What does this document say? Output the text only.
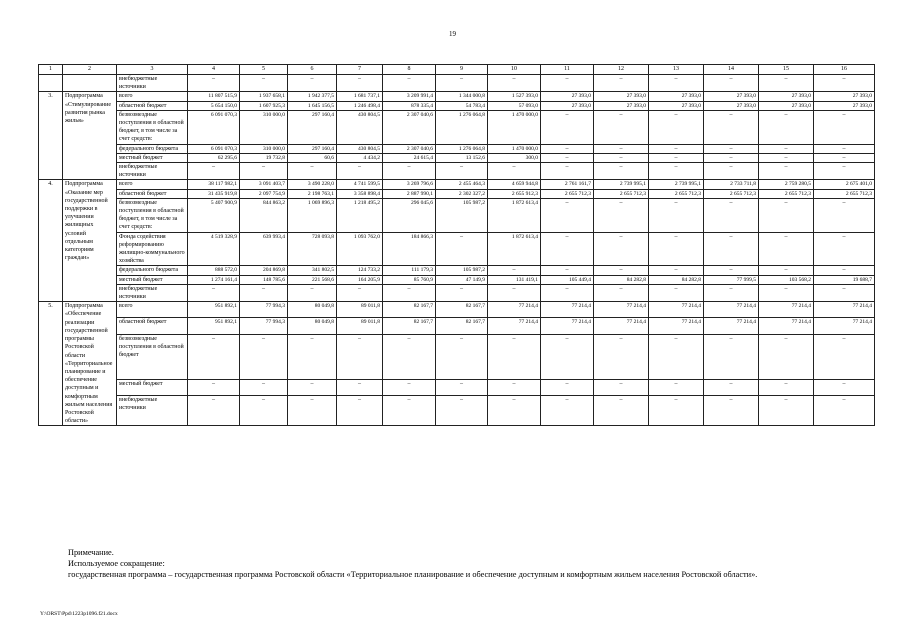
19
1	2	3	4	5	6	7	8	9	10	11	12	13	14	15	16
		внебюджетные источники	–	–	–	–	–	–	–	–	–	–	–	–	–
3.	Подпрограмма «Стимулирование развития рынка жилья»	всего	11 807 515,9	1 937 658,1	1 942 377,5	1 681 737,1	3 209 991,4	1 344 000,8	1 527 393,0	27 393,0	27 393,0	27 393,0	27 393,0	27 393,0	27 393,0
		областной бюджет	5 654 150,0	1 607 925,3	1 645 156,5	1 246 498,4	878 335,4	54 783,4	57 093,0	27 393,0	27 393,0	27 393,0	27 393,0	27 393,0	27 393,0
		безвозмездные поступления в областной бюджет, в том числе за счет средств:	6 091 070,3	310 000,0	297 160,4	430 804,5	2 307 040,6	1 276 064,8	1 470 000,0	–	–	–	–	–	–
		федерального бюджета	6 091 070,3	310 000,0	297 160,4	430 804,5	2 307 040,6	1 276 064,8	1 470 000,0	–	–	–	–	–	–
		местный бюджет	62 295,6	19 732,8	60,6	4 434,2	24 615,4	13 152,6	300,0	–	–	–	–	–	–
		внебюджетные источники	–	–	–	–	–	–	–	–	–	–	–	–	–
4.	Подпрограмма «Оказание мер государственной поддержки в улучшении жилищных условий отдельным категориям граждан»	всего	38 117 982,1	3 091 403,7	3 490 228,0	4 741 599,5	3 269 796,6	2 455 464,3	4 659 944,8	2 761 161,7	2 739 995,1	2 739 995,1	2 733 711,8	2 759 280,5	2 675 401,0
		областной бюджет	31 435 919,8	2 097 754,9	2 198 763,1	3 358 898,4	2 887 990,1	2 302 327,2	2 655 912,3	2 655 712,3	2 655 712,3	2 655 712,3	2 655 712,3	2 655 712,3	2 655 712,3
		безвозмездные поступления в областной бюджет, в том числе за счет средств:	5 407 900,9	844 863,2	1 069 896,3	1 218 495,2	296 045,6	105 987,2	1 872 613,4	–	–	–	–	–	–
		Фонда содействия реформированию жилищно-коммунального хозяйства	4 519 328,9	639 993,4	728 093,8	1 093 762,0	184 866,3	–	1 872 613,4	–	–	–	–	–	–
		федерального бюджета	888 572,0	204 869,8	341 802,5	124 733,2	111 179,3	105 987,2	–	–	–	–	–	–	–
		местный бюджет	1 274 161,4	148 785,6	221 568,6	164 205,9	85 760,9	47 149,9	131 419,1	105 449,4	84 282,8	84 282,8	77 999,5	103 568,2	19 688,7
		внебюджетные источники	–	–	–	–	–	–	–	–	–	–	–	–	–
5.	Подпрограмма «Обеспечение реализации государственной программы Ростовской области «Территориальное планирование и обеспечение доступным и комфортным жильем населения Ростовской области»	всего	951 892,1	77 994,3	80 049,8	89 011,8	82 167,7	82 167,7	77 214,4	77 214,4	77 214,4	77 214,4	77 214,4	77 214,4	77 214,4
		областной бюджет	951 892,1	77 994,3	80 049,8	89 011,8	82 167,7	82 167,7	77 214,4	77 214,4	77 214,4	77 214,4	77 214,4	77 214,4	77 214,4
		безвозмездные поступления в областной бюджет	–	–	–	–	–	–	–	–	–	–	–	–	–
		местный бюджет	–	–	–	–	–	–	–	–	–	–	–	–	–
		внебюджетные источники	–	–	–	–	–	–	–	–	–	–	–	–	–

Примечание.

Используемое сокращение:

государственная программа – государственная программа Ростовской области «Территориальное планирование и обеспечение доступным и комфортным жильем населения Ростовской области».

Y:\ORST\Ppd\1223p1096.f21.docx
